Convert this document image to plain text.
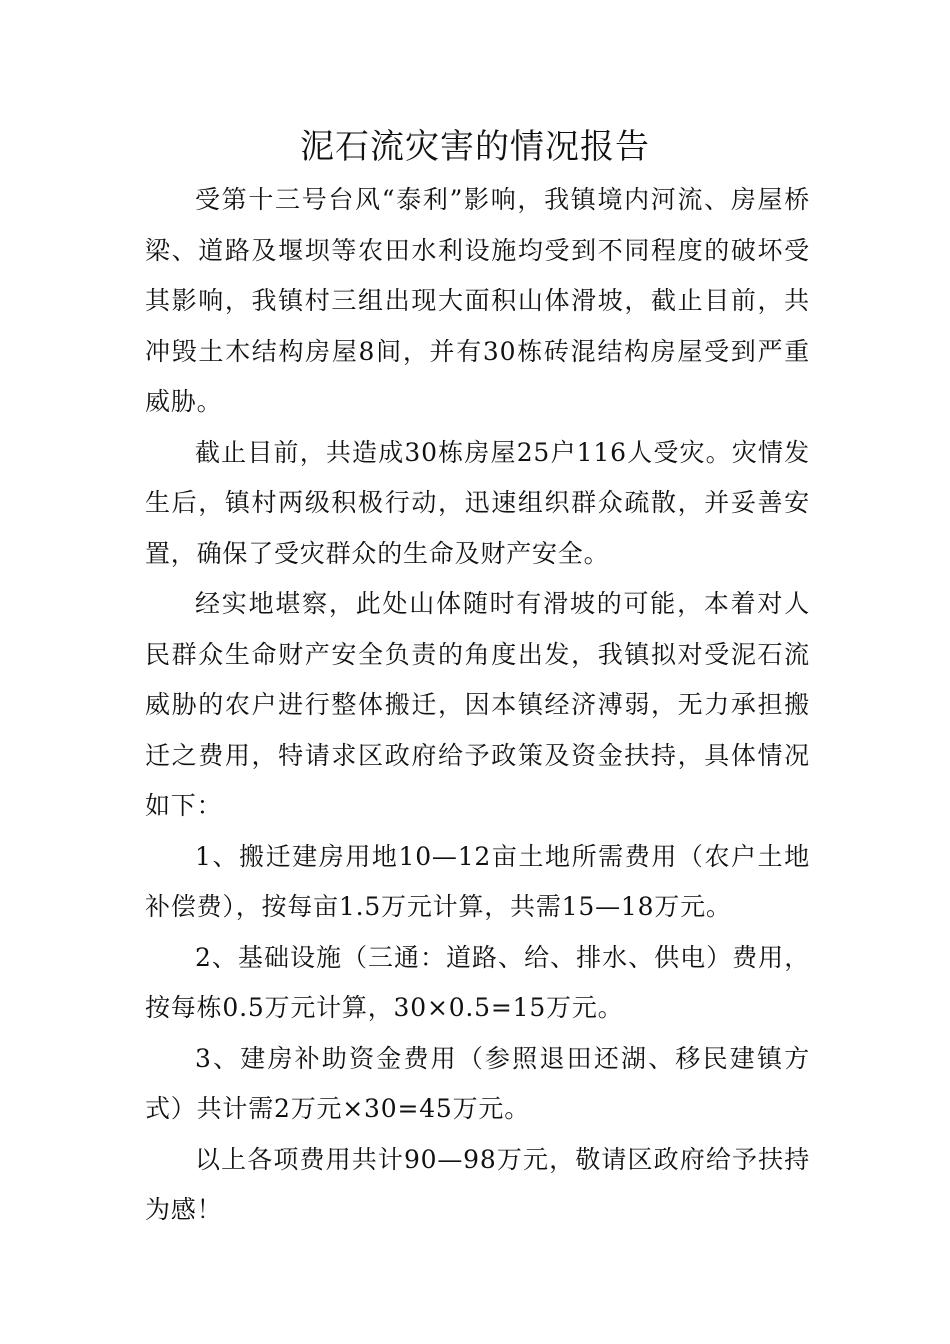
泥石流灾害的情况报告

受第十三号台风“泰利”影响，我镇境内河流、房屋桥梁、道路及堰坝等农田水利设施均受到不同程度的破坏受其影响，我镇村三组出现大面积山体滑坡，截止目前，共冲毁土木结构房屋8间，并有30栋砖混结构房屋受到严重威胁。

截止目前，共造成30栋房屋25户116人受灾。灾情发生后，镇村两级积极行动，迅速组织群众疏散，并妥善安置，确保了受灾群众的生命及财产安全。

经实地堪察，此处山体随时有滑坡的可能，本着对人民群众生命财产安全负责的角度出发，我镇拟对受泥石流威胁的农户进行整体搬迁，因本镇经济溥弱，无力承担搬迁之费用，特请求区政府给予政策及资金扶持，具体情况如下：

1、搬迁建房用地10—12亩土地所需费用（农户土地补偿费），按每亩1.5万元计算，共需15—18万元。

2、基础设施（三通：道路、给、排水、供电）费用，按每栋0.5万元计算，30×0.5=15万元。

3、建房补助资金费用（参照退田还湖、移民建镇方式）共计需2万元×30=45万元。

以上各项费用共计90—98万元，敬请区政府给予扶持为感！
